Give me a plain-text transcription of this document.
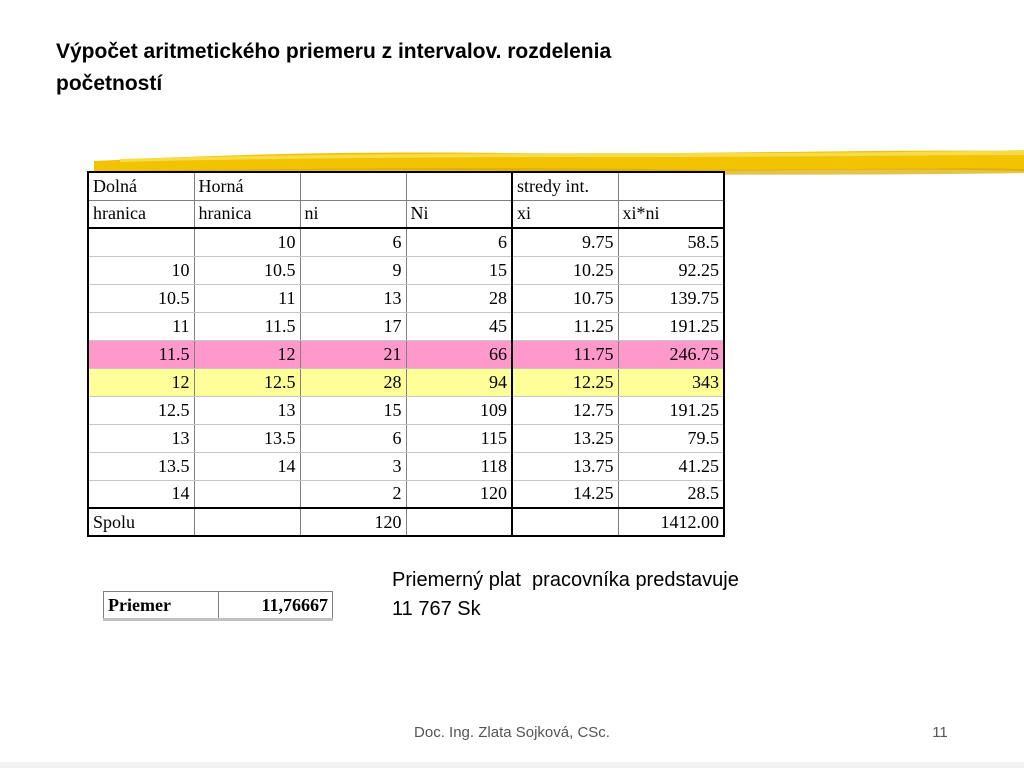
Výpočet aritmetického priemeru z intervalov. rozdelenia
početností
Dolná	Horná			stredy int.	
hranica	hranica	ni	Ni	xi	xi*ni
	10	6	6	9.75	58.5
10	10.5	9	15	10.25	92.25
10.5	11	13	28	10.75	139.75
11	11.5	17	45	11.25	191.25
11.5	12	21	66	11.75	246.75
12	12.5	28	94	12.25	343
12.5	13	15	109	12.75	191.25
13	13.5	6	115	13.25	79.5
13.5	14	3	118	13.75	41.25
14		2	120	14.25	28.5
Spolu		120			1412.00
Priemer	11,76667
Priemerný plat  pracovníka predstavuje
11 767 Sk
Doc. Ing. Zlata Sojková, CSc.	11
